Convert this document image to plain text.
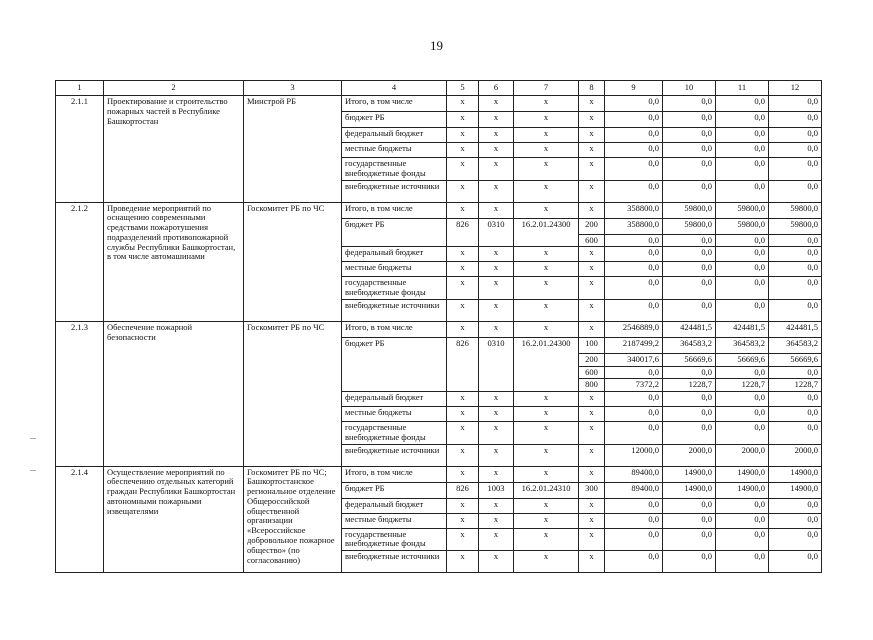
19
1	2	3	4	5	6	7	8	9	10	11	12
2.1.1	Проектирование и строительство пожарных частей в Республике Башкортостан	Минстрой РБ	Итого, в том числе	х	х	х	х	0,0	0,0	0,0	0,0
			бюджет РБ	х	х	х	х	0,0	0,0	0,0	0,0
			федеральный бюджет	х	х	х	х	0,0	0,0	0,0	0,0
			местные бюджеты	х	х	х	х	0,0	0,0	0,0	0,0
			государственные внебюджетные фонды	х	х	х	х	0,0	0,0	0,0	0,0
			внебюджетные источники	х	х	х	х	0,0	0,0	0,0	0,0
2.1.2	Проведение мероприятий по оснащению современными средствами пожаротушения подразделений противопожарной службы Республики Башкортостан, в том числе автомашинами	Госкомитет РБ по ЧС	Итого, в том числе	х	х	х	х	358800,0	59800,0	59800,0	59800,0
			бюджет РБ	826	0310	16.2.01.24300	200	358800,0	59800,0	59800,0	59800,0
							600	0,0	0,0	0,0	0,0
			федеральный бюджет	х	х	х	х	0,0	0,0	0,0	0,0
			местные бюджеты	х	х	х	х	0,0	0,0	0,0	0,0
			государственные внебюджетные фонды	х	х	х	х	0,0	0,0	0,0	0,0
			внебюджетные источники	х	х	х	х	0,0	0,0	0,0	0,0
2.1.3	Обеспечение пожарной безопасности	Госкомитет РБ по ЧС	Итого, в том числе	х	х	х	х	2546889,0	424481,5	424481,5	424481,5
			бюджет РБ	826	0310	16.2.01.24300	100	2187499,2	364583,2	364583,2	364583,2
							200	340017,6	56669,6	56669,6	56669,6
							600	0,0	0,0	0,0	0,0
							800	7372,2	1228,7	1228,7	1228,7
			федеральный бюджет	х	х	х	х	0,0	0,0	0,0	0,0
			местные бюджеты	х	х	х	х	0,0	0,0	0,0	0,0
			государственные внебюджетные фонды	х	х	х	х	0,0	0,0	0,0	0,0
			внебюджетные источники	х	х	х	х	12000,0	2000,0	2000,0	2000,0
2.1.4	Осуществление мероприятий по обеспечению отдельных категорий граждан Республики Башкортостан автономными пожарными извещателями	Госкомитет РБ по ЧС; Башкортостанское региональное отделение Общероссийской общественной организации «Всероссийское добровольное пожарное общество» (по согласованию)	Итого, в том числе	х	х	х	х	89400,0	14900,0	14900,0	14900,0
			бюджет РБ	826	1003	16.2.01.24310	300	89400,0	14900,0	14900,0	14900,0
			федеральный бюджет	х	х	х	х	0,0	0,0	0,0	0,0
			местные бюджеты	х	х	х	х	0,0	0,0	0,0	0,0
			государственные внебюджетные фонды	х	х	х	х	0,0	0,0	0,0	0,0
			внебюджетные источники	х	х	х	х	0,0	0,0	0,0	0,0
